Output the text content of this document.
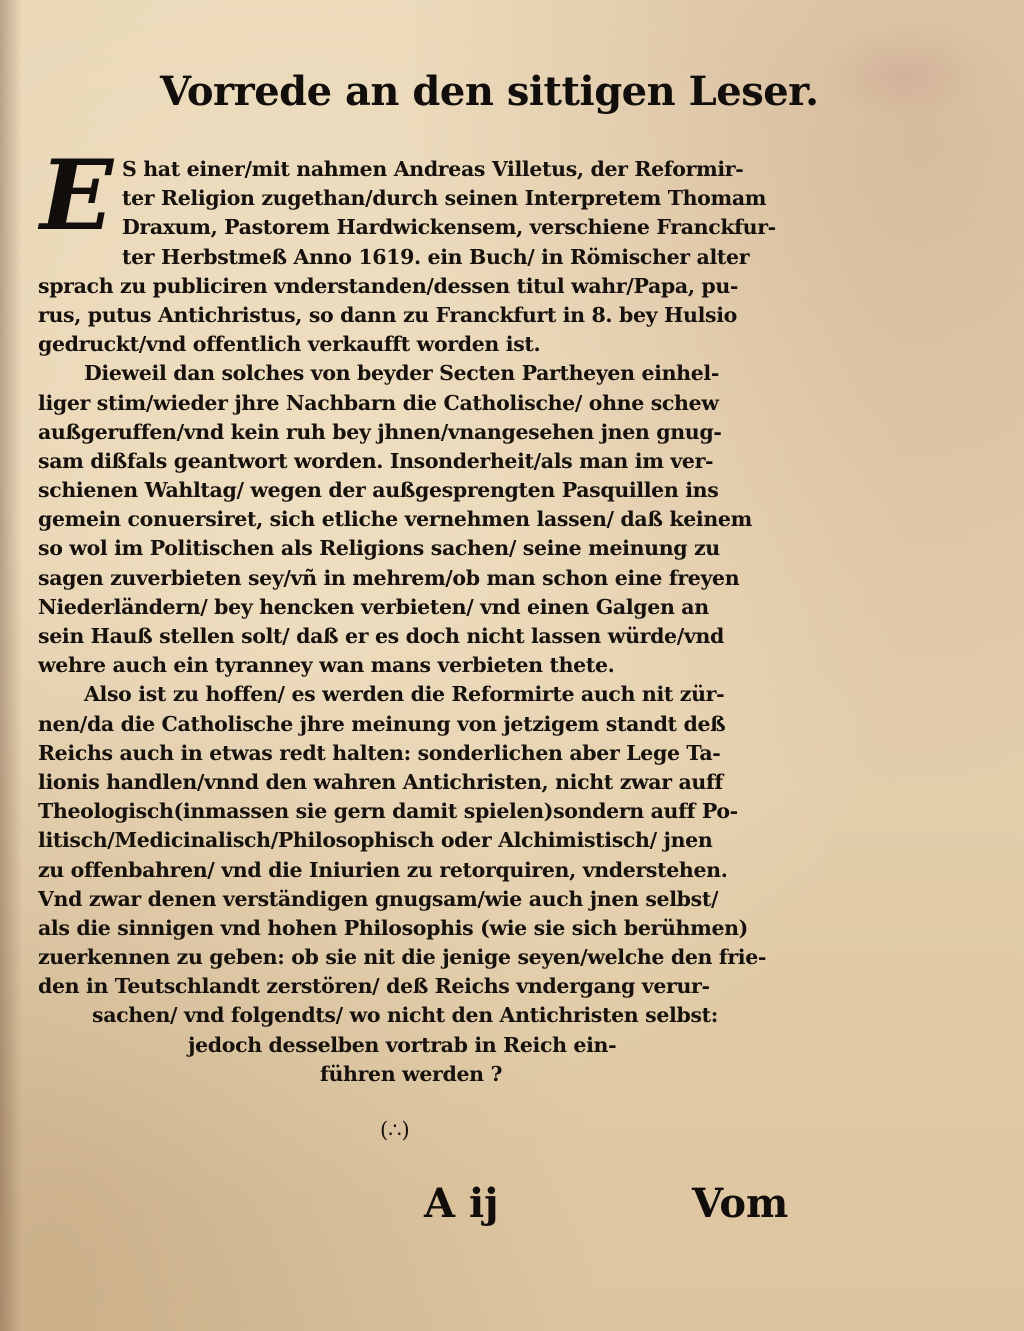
Vorrede an den sittigen Leser.
E S hat einer/mit nahmen Andreas Villetus, der Reformir‑
ter Religion zugethan/durch seinen Interpretem Thomam
Draxum, Pastorem Hardwickensem, verschiene Franckfur‑
ter Herbstmeß Anno 1619. ein Buch/ in Römischer alter
sprach zu publiciren vnderstanden/dessen titul wahr/Papa, pu‑
rus, putus Antichristus, so dann zu Franckfurt in 8. bey Hulsio
gedruckt/vnd offentlich verkaufft worden ist.
Dieweil dan solches von beyder Secten Partheyen einhel‑
liger stim/wieder jhre Nachbarn die Catholische/ ohne schew
außgeruffen/vnd kein ruh bey jhnen/vnangesehen jnen gnug‑
sam dißfals geantwort worden. Insonderheit/als man im ver‑
schienen Wahltag/ wegen der außgesprengten Pasquillen ins
gemein conuersiret, sich etliche vernehmen lassen/ daß keinem
so wol im Politischen als Religions sachen/ seine meinung zu
sagen zuverbieten sey/vñ in mehrem/ob man schon eine freyen
Niederländern/ bey hencken verbieten/ vnd einen Galgen an
sein Hauß stellen solt/ daß er es doch nicht lassen würde/vnd
wehre auch ein tyranney wan mans verbieten thete.
Also ist zu hoffen/ es werden die Reformirte auch nit zür‑
nen/da die Catholische jhre meinung von jetzigem standt deß
Reichs auch in etwas redt halten: sonderlichen aber Lege Ta‑
lionis handlen/vnnd den wahren Antichristen, nicht zwar auff
Theologisch(inmassen sie gern damit spielen)sondern auff Po‑
litisch/Medicinalisch/Philosophisch oder Alchimistisch/ jnen
zu offenbahren/ vnd die Iniurien zu retorquiren, vnderstehen.
Vnd zwar denen verständigen gnugsam/wie auch jnen selbst/
als die sinnigen vnd hohen Philosophis (wie sie sich berühmen)
zuerkennen zu geben: ob sie nit die jenige seyen/welche den frie‑
den in Teutschlandt zerstören/ deß Reichs vndergang verur‑
sachen/ vnd folgendts/ wo nicht den Antichristen selbst:
jedoch desselben vortrab in Reich ein‑
führen werden ?
(∴)
A ij	Vom
